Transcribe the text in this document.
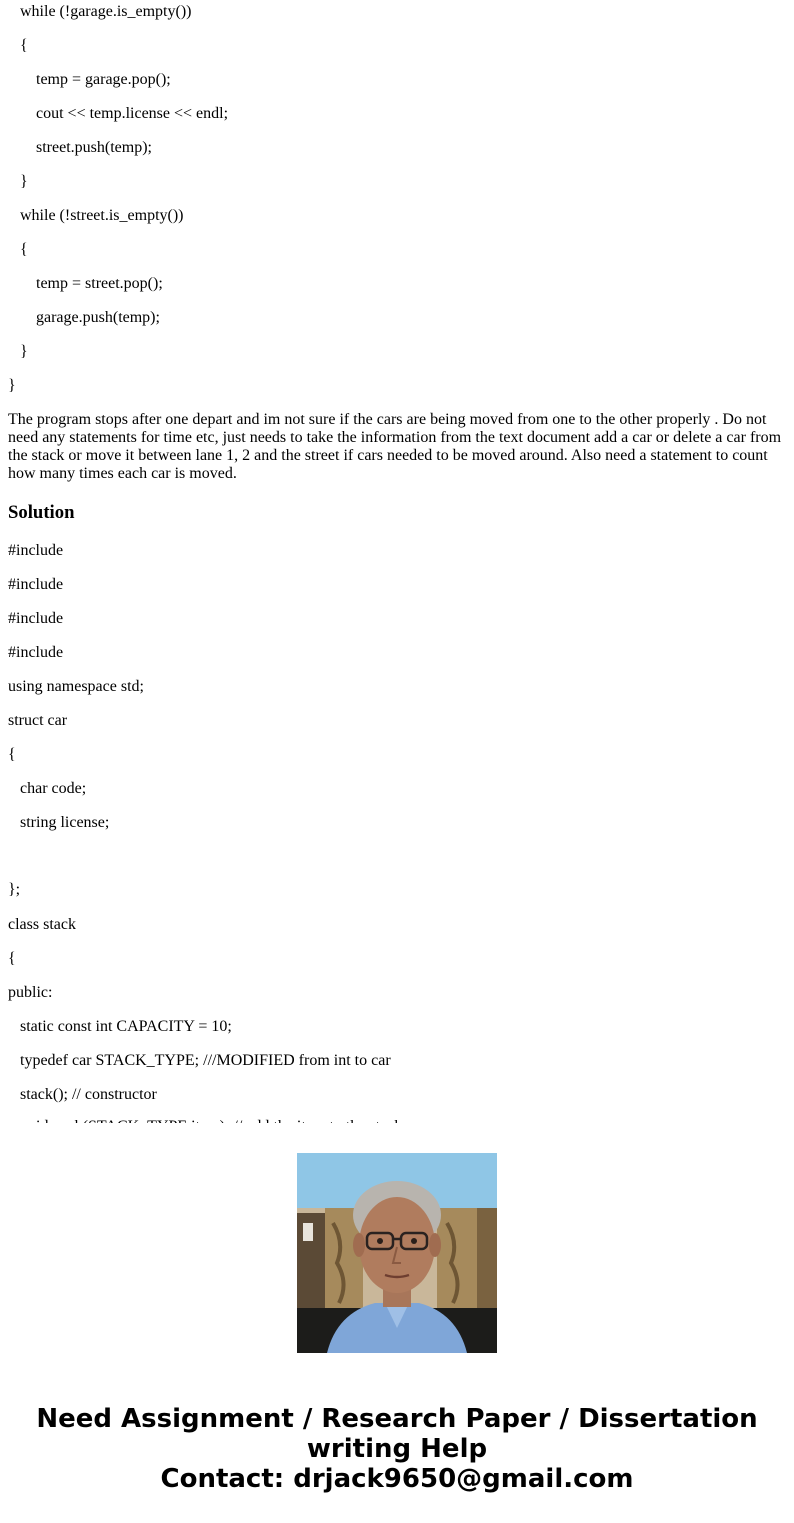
while (!garage.is_empty())
{
temp = garage.pop();
cout << temp.license << endl;
street.push(temp);
}
while (!street.is_empty())
{
temp = street.pop();
garage.push(temp);
}
}
The program stops after one depart and im not sure if the cars are being moved from one to the other properly . Do not need any statements for time etc, just needs to take the information from the text document add a car or delete a car from the stack or move it between lane 1, 2 and the street if cars needed to be moved around. Also need a statement to count how many times each car is moved.
Solution
#include
#include
#include
#include
using namespace std;
struct car
{
char code;
string license;
};
class stack
{
public:
static const int CAPACITY = 10;
typedef car STACK_TYPE; ///MODIFIED from int to car
stack(); // constructor
Need Assignment / Research Paper / Dissertation
writing Help
Contact: drjack9650@gmail.com
